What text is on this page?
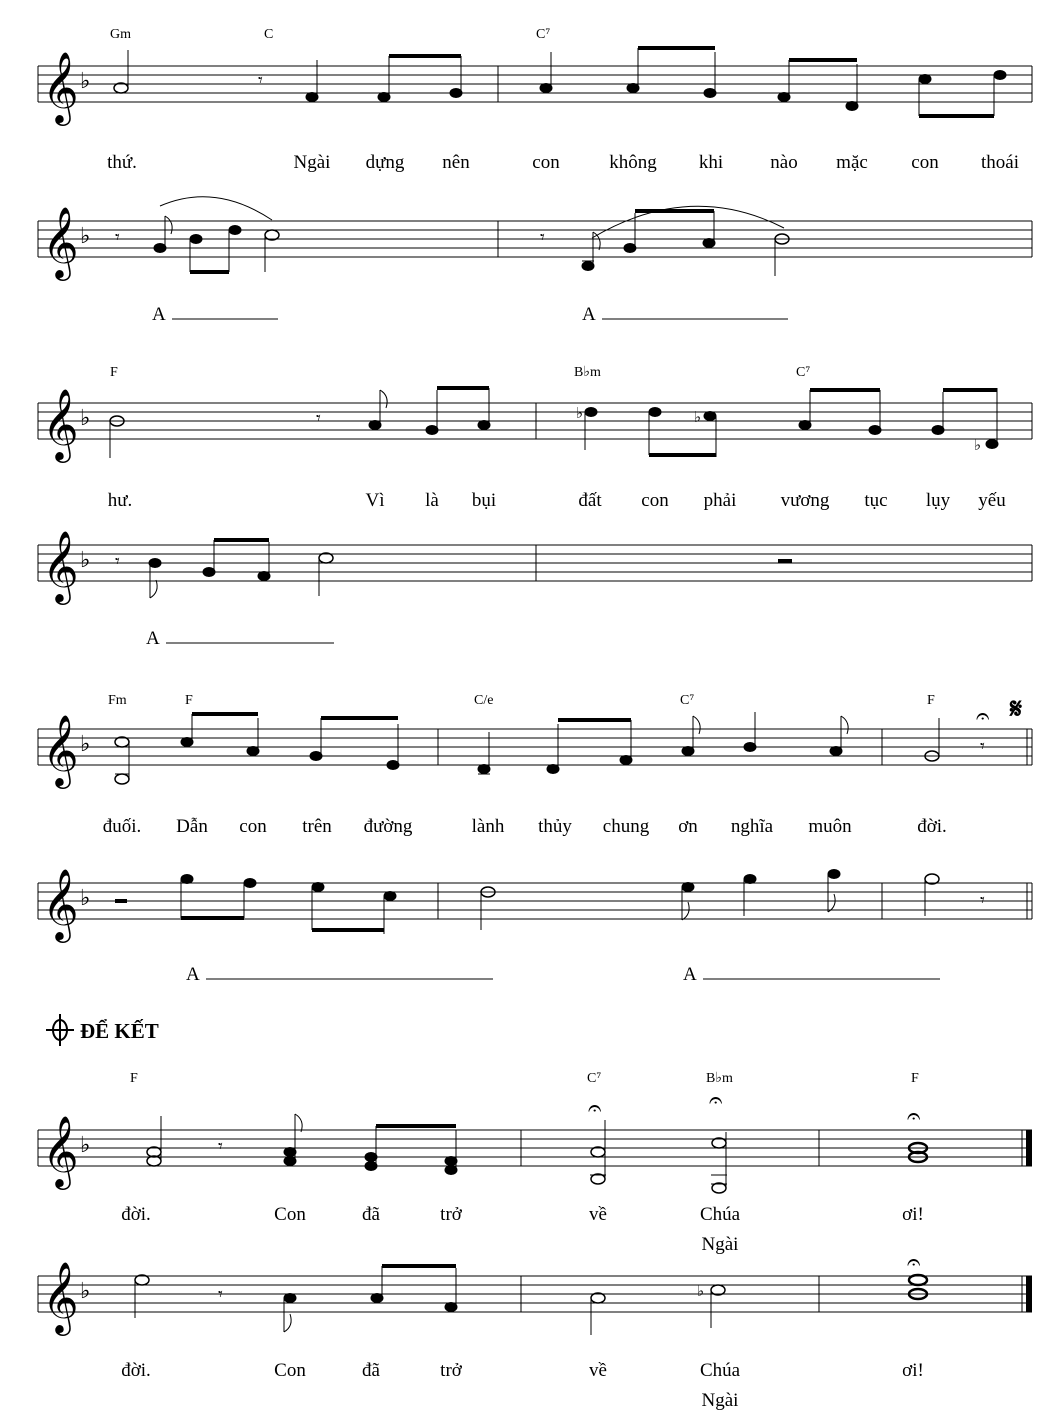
Gm	C	C⁷
𝄞 ♭	𝄾
thứ.	Ngài dựng nên	con	không khi nào mặc con thoái
𝄞 ♭ 𝄾	𝄾
A	A
F	B♭m	C⁷
𝄞 ♭	𝄾	♭	♭
♭
hư.	Vì là bụi	đất con phải vương tục lụy yếu
𝄞 ♭ 𝄾
A
Fm	F	C/e	C⁷	F	𝄋
𝄞 ♭	𝄾
𝄐
đuối. Dẫn con trên đường	lành thủy chung ơn nghĩa muôn	đời.
𝄞 ♭	𝄾
A	A
ĐỂ KẾT
F	C⁷	B♭m	F
𝄞 ♭	𝄾
𝄐	𝄐
𝄐
đời.	Con	đã	trở	về	Chúa
Ngài
ơi!
𝄞 ♭	𝄾	♭
𝄐
đời.	Con	đã	trở	về	Chúa
Ngài
ơi!
